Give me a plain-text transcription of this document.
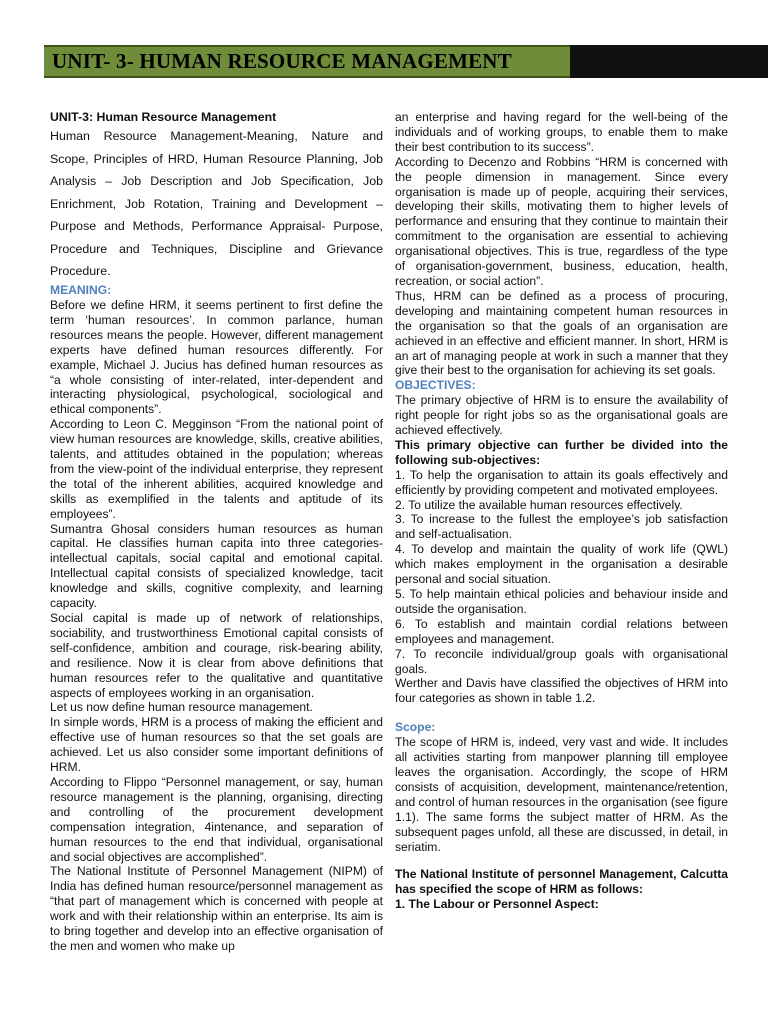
UNIT- 3- HUMAN RESOURCE MANAGEMENT

UNIT-3: Human Resource Management

Human Resource Management-Meaning, Nature and Scope, Principles of HRD, Human Resource Planning, Job Analysis – Job Description and Job Specification, Job Enrichment, Job Rotation, Training and Development – Purpose and Methods, Performance Appraisal- Purpose, Procedure and Techniques, Discipline and Grievance Procedure.

MEANING:

Before we define HRM, it seems pertinent to first define the term ‘human resources’. In common parlance, human resources means the people. However, different management experts have defined human resources differently. For example, Michael J. Jucius has defined human resources as “a whole consisting of inter-related, inter-dependent and interacting physiological, psychological, sociological and ethical components”.

According to Leon C. Megginson “From the national point of view human resources are knowledge, skills, creative abilities, talents, and attitudes obtained in the population; whereas from the view-point of the individual enterprise, they represent the total of the inherent abilities, acquired knowledge and skills as exemplified in the talents and aptitude of its employees”.

Sumantra Ghosal considers human resources as human capital. He classifies human capita into three categories- intellectual capitals, social capital and emotional capital. Intellectual capital consists of specialized knowledge, tacit knowledge and skills, cognitive complexity, and learning capacity.

Social capital is made up of network of relationships, sociability, and trustworthiness Emotional capital consists of self-confidence, ambition and courage, risk-bearing ability, and resilience. Now it is clear from above definitions that human resources refer to the qualitative and quantitative aspects of employees working in an organisation.

Let us now define human resource management.

In simple words, HRM is a process of making the efficient and effective use of human resources so that the set goals are achieved. Let us also consider some important definitions of HRM.

According to Flippo “Personnel management, or say, human resource management is the planning, organising, directing and controlling of the procurement development compensation integration, 4intenance, and separation of human resources to the end that individual, organisational and social objectives are accomplished”.

The National Institute of Personnel Management (NIPM) of India has defined human resource/personnel management as “that part of management which is concerned with people at work and with their relationship within an enterprise. Its aim is to bring together and develop into an effective organisation of the men and women who make up

an enterprise and having regard for the well-being of the individuals and of working groups, to enable them to make their best contribution to its success”.

According to Decenzo and Robbins “HRM is concerned with the people dimension in management. Since every organisation is made up of people, acquiring their services, developing their skills, motivating them to higher levels of performance and ensuring that they continue to maintain their commitment to the organisation are essential to achieving organisational objectives. This is true, regardless of the type of organisation-government, business, education, health, recreation, or social action”.

Thus, HRM can be defined as a process of procuring, developing and maintaining competent human resources in the organisation so that the goals of an organisation are achieved in an effective and efficient manner. In short, HRM is an art of managing people at work in such a manner that they give their best to the organisation for achieving its set goals.

OBJECTIVES:

The primary objective of HRM is to ensure the availability of right people for right jobs so as the organisational goals are achieved effectively.

This primary objective can further be divided into the following sub-objectives:

1. To help the organisation to attain its goals effectively and efficiently by providing competent and motivated employees.

2. To utilize the available human resources effectively.

3. To increase to the fullest the employee’s job satisfaction and self-actualisation.

4. To develop and maintain the quality of work life (QWL) which makes employment in the organisation a desirable personal and social situation.

5. To help maintain ethical policies and behaviour inside and outside the organisation.

6. To establish and maintain cordial relations between employees and management.

7. To reconcile individual/group goals with organisational goals.

Werther and Davis have classified the objectives of HRM into four categories as shown in table 1.2.

Scope:

The scope of HRM is, indeed, very vast and wide. It includes all activities starting from manpower planning till employee leaves the organisation. Accordingly, the scope of HRM consists of acquisition, development, maintenance/retention, and control of human resources in the organisation (see figure 1.1). The same forms the subject matter of HRM. As the subsequent pages unfold, all these are discussed, in detail, in seriatim.

The National Institute of personnel Management, Calcutta has specified the scope of HRM as follows:

1. The Labour or Personnel Aspect:
